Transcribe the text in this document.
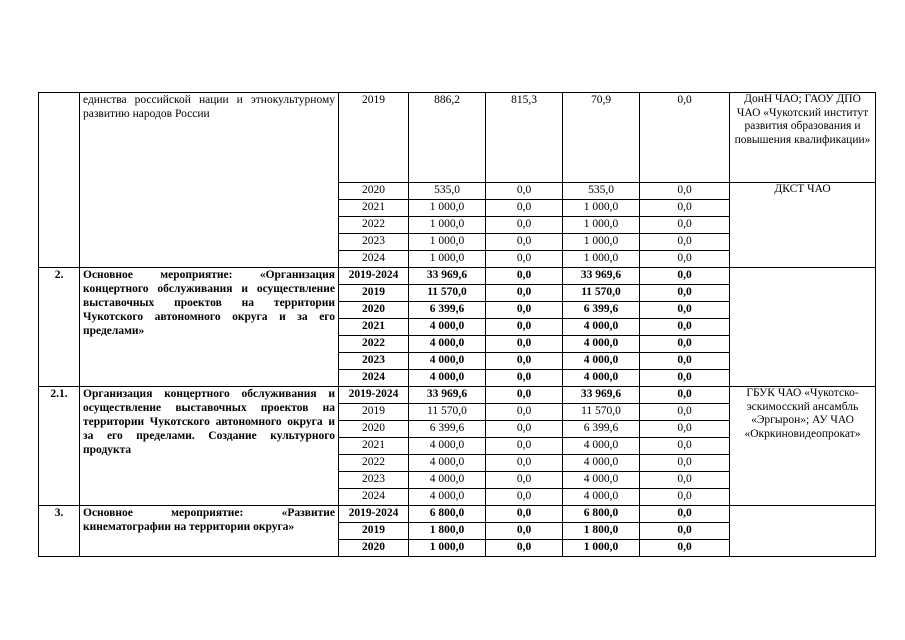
	единства российской нации и этнокультурному развитию народов России	2019	886,2	815,3	70,9	0,0	ДонН ЧАО; ГАОУ ДПО ЧАО «Чукотский институт развития образования и повышения квалификации»
		2020	535,0	0,0	535,0	0,0	ДКСТ ЧАО
		2021	1 000,0	0,0	1 000,0	0,0	
		2022	1 000,0	0,0	1 000,0	0,0	
		2023	1 000,0	0,0	1 000,0	0,0	
		2024	1 000,0	0,0	1 000,0	0,0	
2.	Основное мероприятие: «Организация концертного обслуживания и осуществление выставочных проектов на территории Чукотского автономного округа и за его пределами»	2019-2024	33 969,6	0,0	33 969,6	0,0	
		2019	11 570,0	0,0	11 570,0	0,0	
		2020	6 399,6	0,0	6 399,6	0,0	
		2021	4 000,0	0,0	4 000,0	0,0	
		2022	4 000,0	0,0	4 000,0	0,0	
		2023	4 000,0	0,0	4 000,0	0,0	
		2024	4 000,0	0,0	4 000,0	0,0	
2.1.	Организация концертного обслуживания и осуществление выставочных проектов на территории Чукотского автономного округа и за его пределами. Создание культурного продукта	2019-2024	33 969,6	0,0	33 969,6	0,0	ГБУК ЧАО «Чукотско-эскимосский ансамбль «Эргырон»; АУ ЧАО «Окркиновидеопрокат»
		2019	11 570,0	0,0	11 570,0	0,0	
		2020	6 399,6	0,0	6 399,6	0,0	
		2021	4 000,0	0,0	4 000,0	0,0	
		2022	4 000,0	0,0	4 000,0	0,0	
		2023	4 000,0	0,0	4 000,0	0,0	
		2024	4 000,0	0,0	4 000,0	0,0	
3.	Основное мероприятие: «Развитие кинематографии на территории округа»	2019-2024	6 800,0	0,0	6 800,0	0,0	
		2019	1 800,0	0,0	1 800,0	0,0	
		2020	1 000,0	0,0	1 000,0	0,0	
